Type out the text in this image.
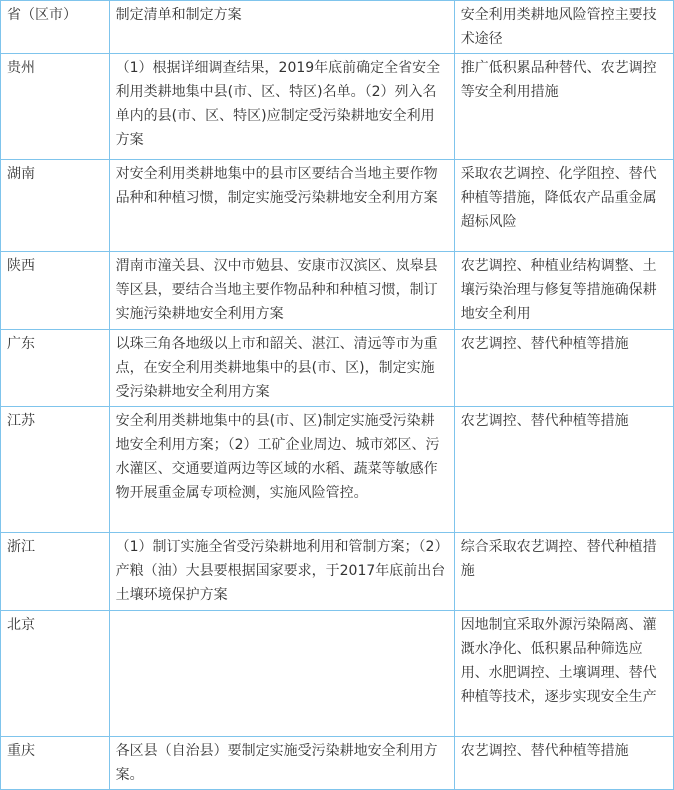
省（区市）	制定清单和制定方案	安全利用类耕地风险管控主要技术途径
贵州	（1）根据详细调查结果，2019年底前确定全省安全利用类耕地集中县(市、区、特区)名单。（2）列入名单内的县(市、区、特区)应制定受污染耕地安全利用方案	推广低积累品种替代、农艺调控等安全利用措施
湖南	对安全利用类耕地集中的县市区要结合当地主要作物品种和种植习惯，制定实施受污染耕地安全利用方案	采取农艺调控、化学阻控、替代种植等措施，降低农产品重金属超标风险
陕西	渭南市潼关县、汉中市勉县、安康市汉滨区、岚皋县等区县，要结合当地主要作物品种和种植习惯，制订实施污染耕地安全利用方案	农艺调控、种植业结构调整、土壤污染治理与修复等措施确保耕地安全利用
广东	以珠三角各地级以上市和韶关、湛江、清远等市为重点，在安全利用类耕地集中的县(市、区)，制定实施受污染耕地安全利用方案	农艺调控、替代种植等措施
江苏	安全利用类耕地集中的县(市、区)制定实施受污染耕地安全利用方案；（2）工矿企业周边、城市郊区、污水灌区、交通要道两边等区域的水稻、蔬菜等敏感作物开展重金属专项检测，实施风险管控。	农艺调控、替代种植等措施
浙江	（1）制订实施全省受污染耕地利用和管制方案；（2）产粮（油）大县要根据国家要求，于2017年底前出台土壤环境保护方案	综合采取农艺调控、替代种植措施
北京		因地制宜采取外源污染隔离、灌溉水净化、低积累品种筛选应用、水肥调控、土壤调理、替代种植等技术，逐步实现安全生产
重庆	各区县（自治县）要制定实施受污染耕地安全利用方案。	农艺调控、替代种植等措施
